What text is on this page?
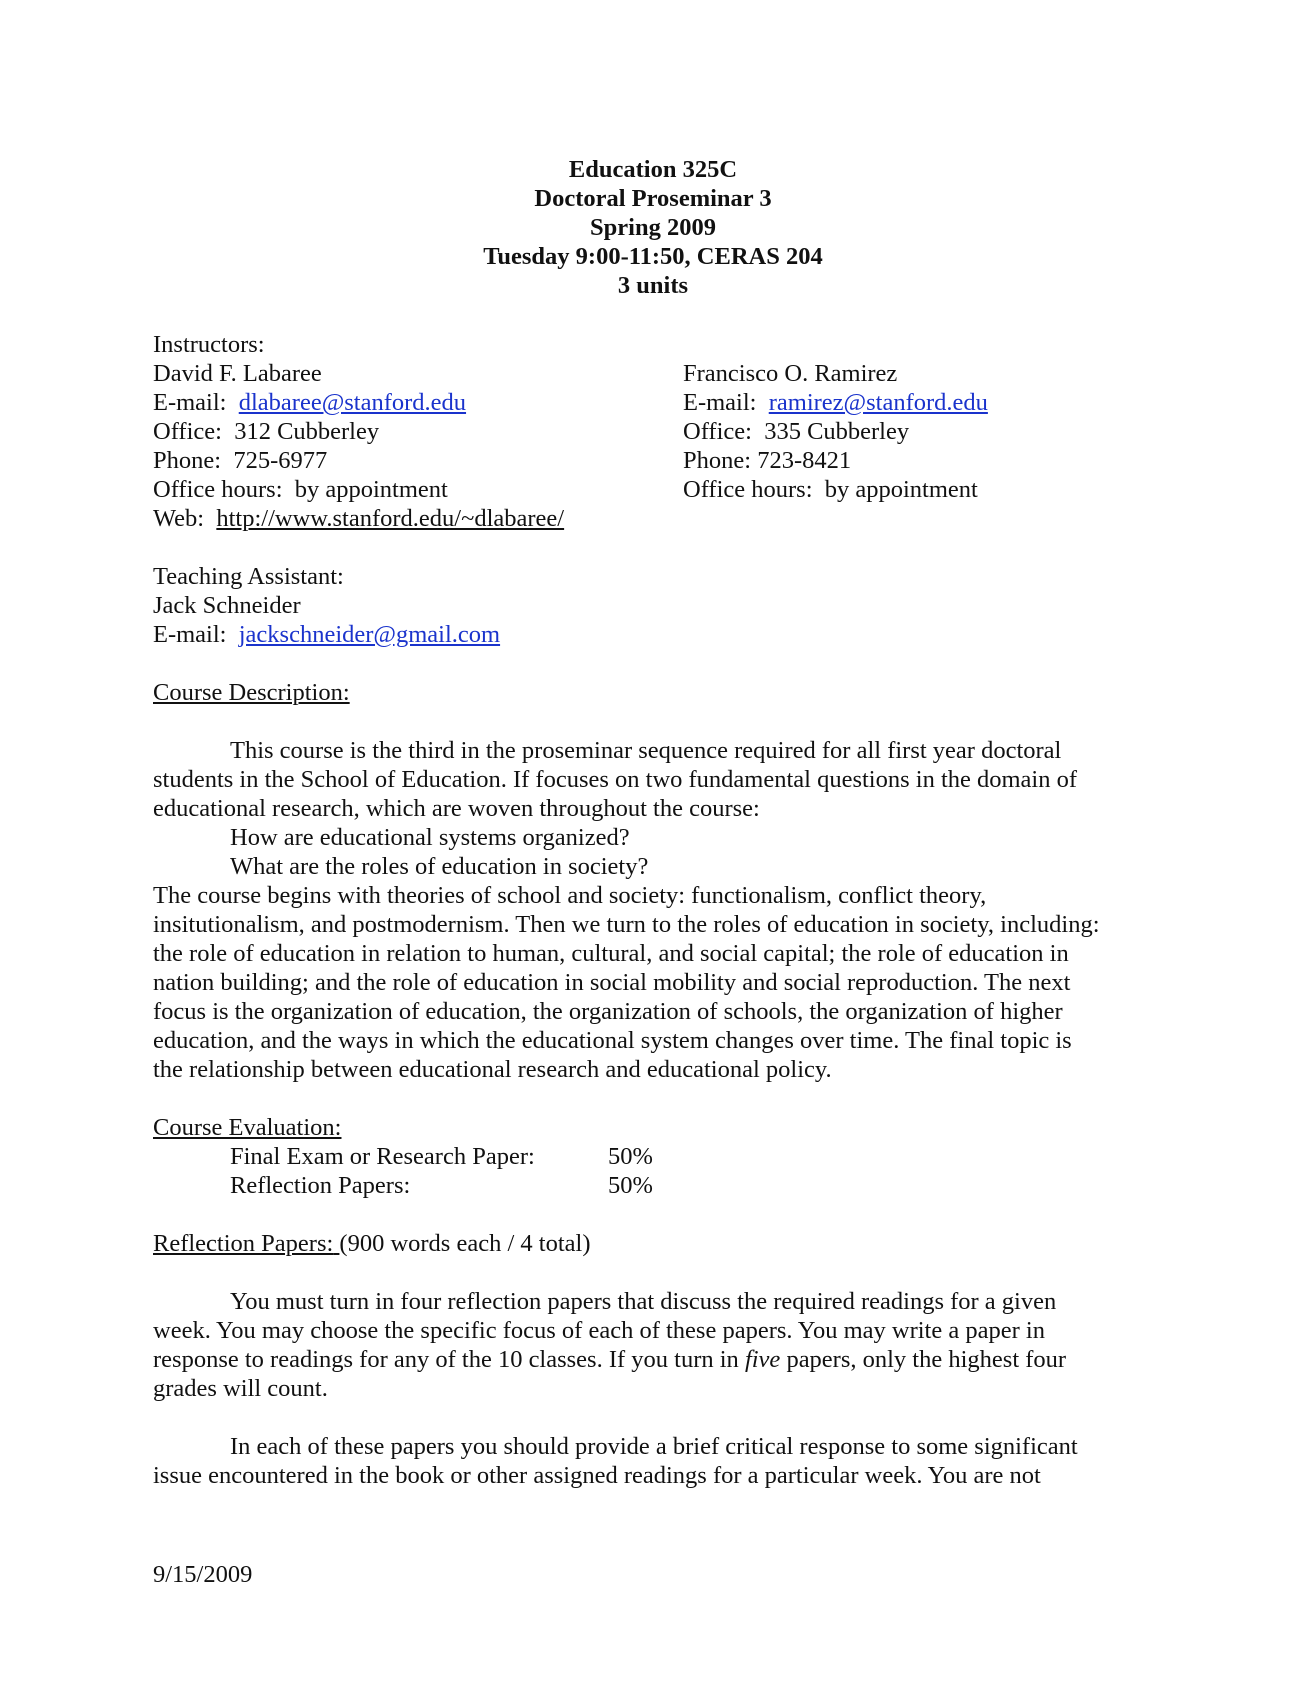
Education 325C
Doctoral Proseminar 3
Spring 2009
Tuesday 9:00-11:50, CERAS 204
3 units
Instructors:
David F. Labaree
E-mail: dlabaree@stanford.edu
Office: 312 Cubberley
Phone: 725-6977
Office hours: by appointment
Web: http://www.stanford.edu/~dlabaree/
Francisco O. Ramirez
E-mail: ramirez@stanford.edu
Office: 335 Cubberley
Phone: 723-8421
Office hours: by appointment
Teaching Assistant:
Jack Schneider
E-mail: jackschneider@gmail.com
Course Description:
This course is the third in the proseminar sequence required for all first year doctoral
students in the School of Education. If focuses on two fundamental questions in the domain of
educational research, which are woven throughout the course:
How are educational systems organized?
What are the roles of education in society?
The course begins with theories of school and society: functionalism, conflict theory,
insitutionalism, and postmodernism. Then we turn to the roles of education in society, including:
the role of education in relation to human, cultural, and social capital; the role of education in
nation building; and the role of education in social mobility and social reproduction. The next
focus is the organization of education, the organization of schools, the organization of higher
education, and the ways in which the educational system changes over time. The final topic is
the relationship between educational research and educational policy.
Course Evaluation:
Final Exam or Research Paper:	50%
Reflection Papers:	50%
Reflection Papers: (900 words each / 4 total)
You must turn in four reflection papers that discuss the required readings for a given
week. You may choose the specific focus of each of these papers. You may write a paper in
response to readings for any of the 10 classes. If you turn in five papers, only the highest four
grades will count.
In each of these papers you should provide a brief critical response to some significant
issue encountered in the book or other assigned readings for a particular week. You are not
9/15/2009
